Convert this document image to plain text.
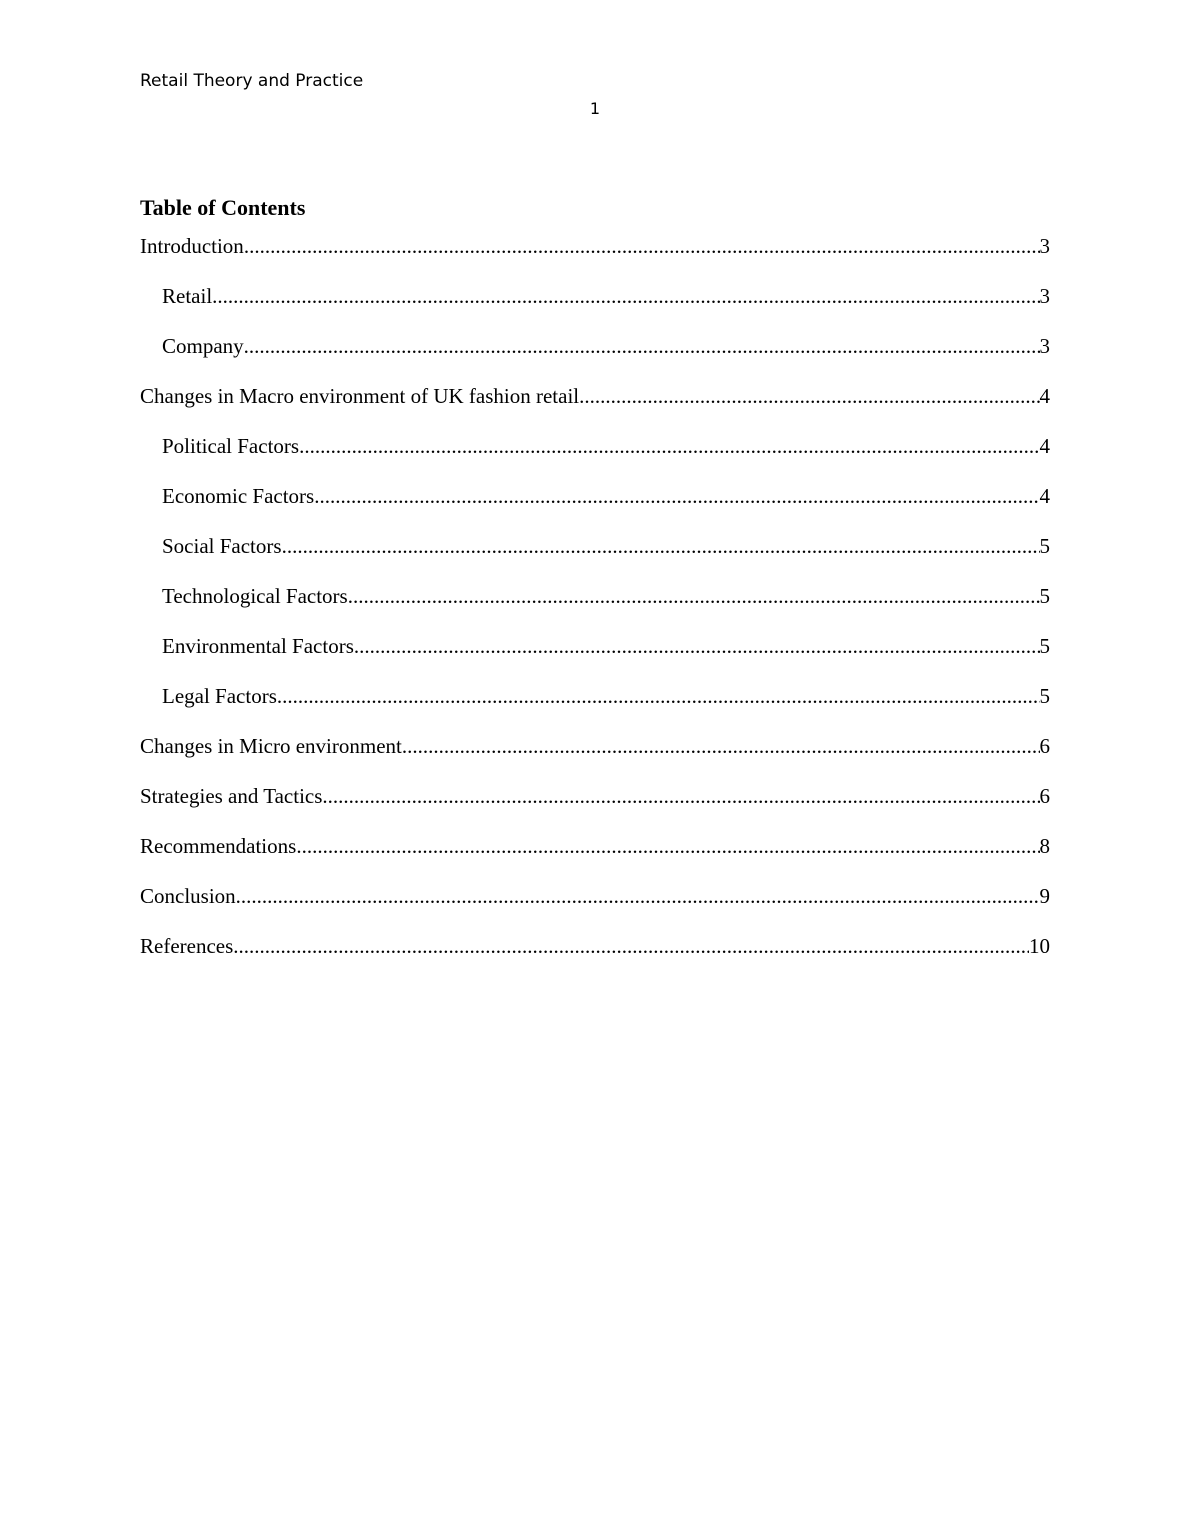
Retail Theory and Practice
1
Table of Contents
Introduction .....	3
Retail .....	3
Company .....	3
Changes in Macro environment of UK fashion retail .....	4
Political Factors .....	4
Economic Factors .....	4
Social Factors .....	5
Technological Factors .....	5
Environmental Factors .....	5
Legal Factors .....	5
Changes in Micro environment .....	6
Strategies and Tactics .....	6
Recommendations .....	8
Conclusion .....	9
References .....	10
